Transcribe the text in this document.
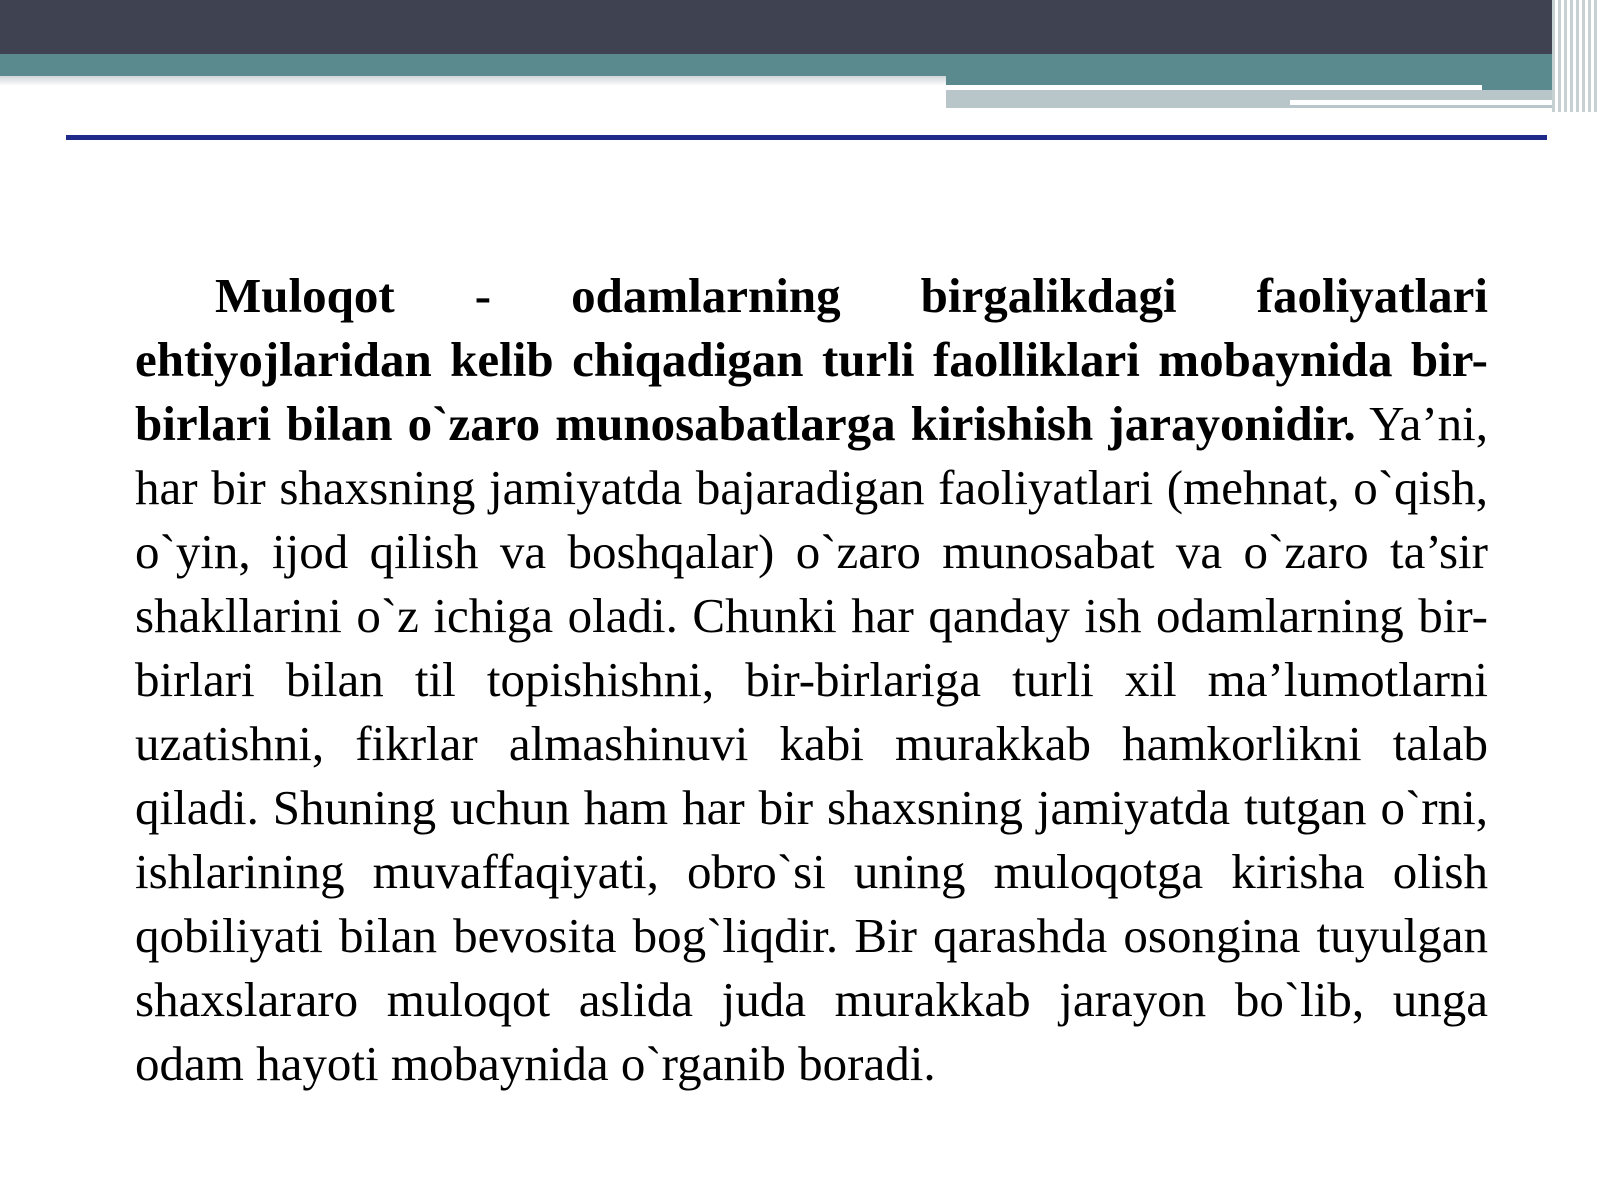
Muloqot - odamlarning birgalikdagi faoliyatlari ehtiyojlaridan kelib chiqadigan turli faolliklari mobaynida bir-birlari bilan o`zaro munosabatlarga kirishish jarayonidir. Ya’ni, har bir shaxsning jamiyatda bajaradigan faoliyatlari (mehnat, o`qish, o`yin, ijod qilish va boshqalar) o`zaro munosabat va o`zaro ta’sir shakllarini o`z ichiga oladi. Chunki har qanday ish odamlarning bir-birlari bilan til topishishni, bir-birlariga turli xil ma’lumotlarni uzatishni, fikrlar almashinuvi kabi murakkab hamkorlikni talab qiladi. Shuning uchun ham har bir shaxsning jamiyatda tutgan o`rni, ishlarining muvaffaqiyati, obro`si uning muloqotga kirisha olish qobiliyati bilan bevosita bog`liqdir. Bir qarashda osongina tuyulgan shaxslararo muloqot aslida juda murakkab jarayon bo`lib, unga odam hayoti mobaynida o`rganib boradi.
